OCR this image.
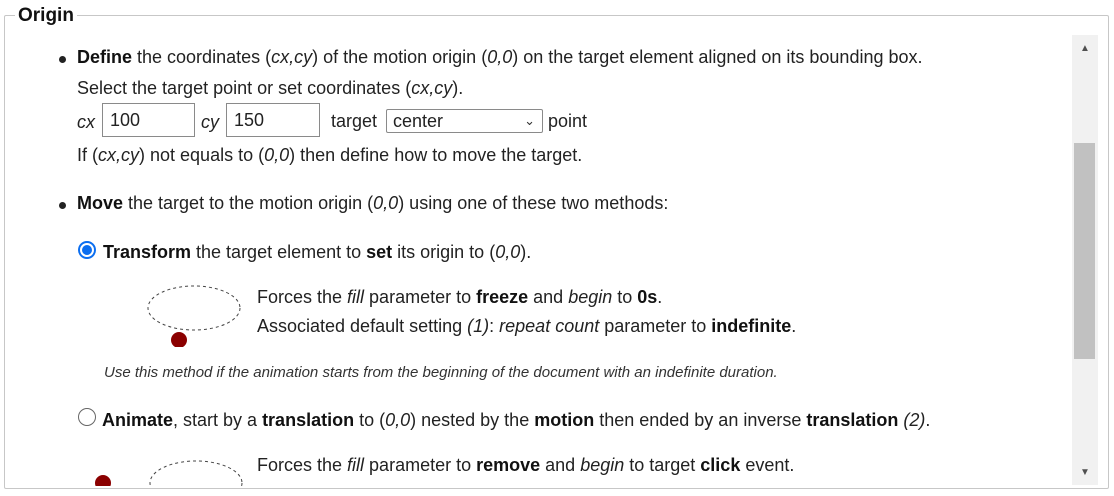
Origin
Define the coordinates (cx,cy) of the motion origin (0,0) on the target element aligned on its bounding box.
Select the target point or set coordinates (cx,cy).
cx 100	cy 150	target center	⌄ point
If (cx,cy) not equals to (0,0) then define how to move the target.
Move the target to the motion origin (0,0) using one of these two methods:
Transform the target element to set its origin to (0,0).
Forces the fill parameter to freeze and begin to 0s.
Associated default setting (1): repeat count parameter to indefinite.
Use this method if the animation starts from the beginning of the document with an indefinite duration.
Animate, start by a translation to (0,0) nested by the motion then ended by an inverse translation (2).
Forces the fill parameter to remove and begin to target click event.
▲
▼
